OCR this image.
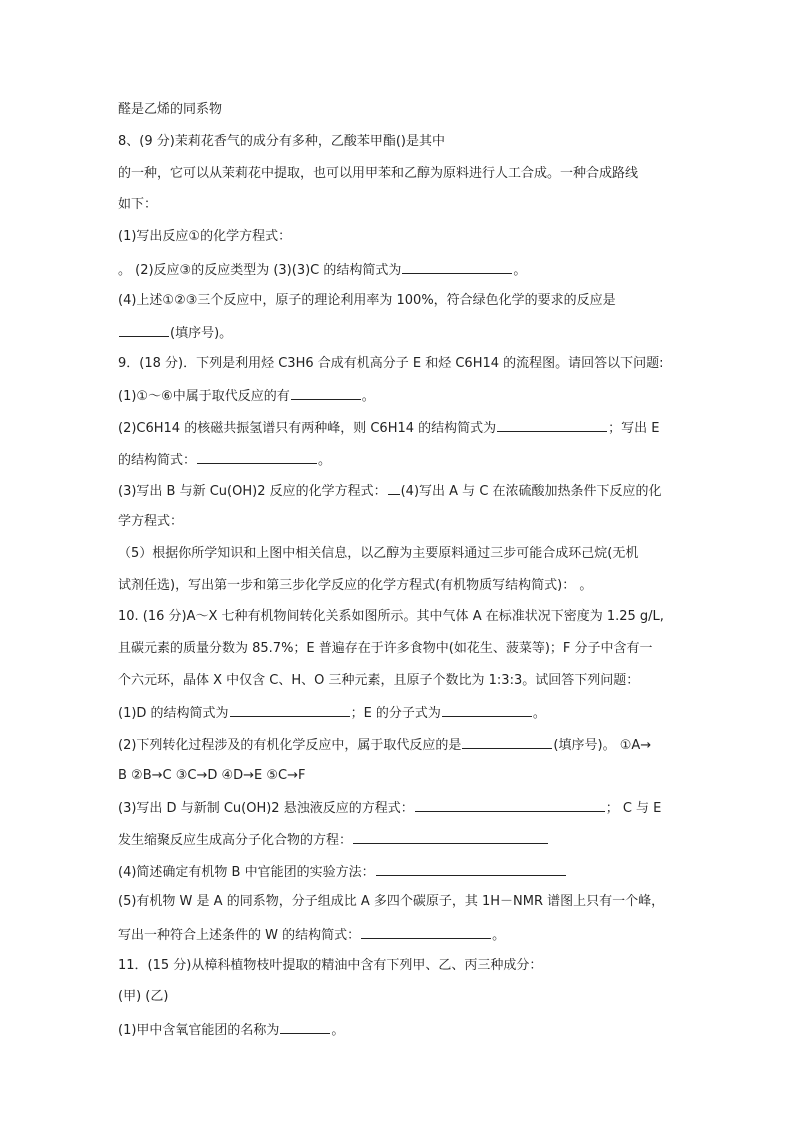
醛是乙烯的同系物
8、(9 分)茉莉花香气的成分有多种，乙酸苯甲酯()是其中
的一种，它可以从茉莉花中提取，也可以用甲苯和乙醇为原料进行人工合成。一种合成路线
如下：
(1)写出反应①的化学方程式：
。 (2)反应③的反应类型为 (3)(3)C 的结构简式为	。
(4)上述①②③三个反应中，原子的理论利用率为 100%，符合绿色化学的要求的反应是
(填序号)。
9．(18 分)．下列是利用烃 C3H6 合成有机高分子 E 和烃 C6H14 的流程图。请回答以下问题:
(1)①～⑥中属于取代反应的有	。
(2)C6H14 的核磁共振氢谱只有两种峰，则 C6H14 的结构简式为	；写出 E
的结构简式：	。
(3)写出 B 与新 Cu(OH)2 反应的化学方程式： (4)写出 A 与 C 在浓硫酸加热条件下反应的化
学方程式：
（5）根据你所学知识和上图中相关信息，以乙醇为主要原料通过三步可能合成环己烷(无机
试剂任选)，写出第一步和第三步化学反应的化学方程式(有机物质写结构简式)： 。
10. (16 分)A～X 七种有机物间转化关系如图所示。其中气体 A 在标准状况下密度为 1.25 g/L,
且碳元素的质量分数为 85.7%；E 普遍存在于许多食物中(如花生、菠菜等)；F 分子中含有一
个六元环，晶体 X 中仅含 C、H、O 三种元素，且原子个数比为 1:3:3。试回答下列问题：
(1)D 的结构简式为	；E 的分子式为	。
(2)下列转化过程涉及的有机化学反应中，属于取代反应的是	(填序号)。 ①A→
B ②B→C ③C→D ④D→E ⑤C→F
(3)写出 D 与新制 Cu(OH)2 悬浊液反应的方程式：	； C 与 E
发生缩聚反应生成高分子化合物的方程：
(4)简述确定有机物 B 中官能团的实验方法：
(5)有机物 W 是 A 的同系物，分子组成比 A 多四个碳原子，其 1H－NMR 谱图上只有一个峰，
写出一种符合上述条件的 W 的结构简式：	。
11．(15 分)从樟科植物枝叶提取的精油中含有下列甲、乙、丙三种成分：
(甲) (乙)
(1)甲中含氧官能团的名称为	。
